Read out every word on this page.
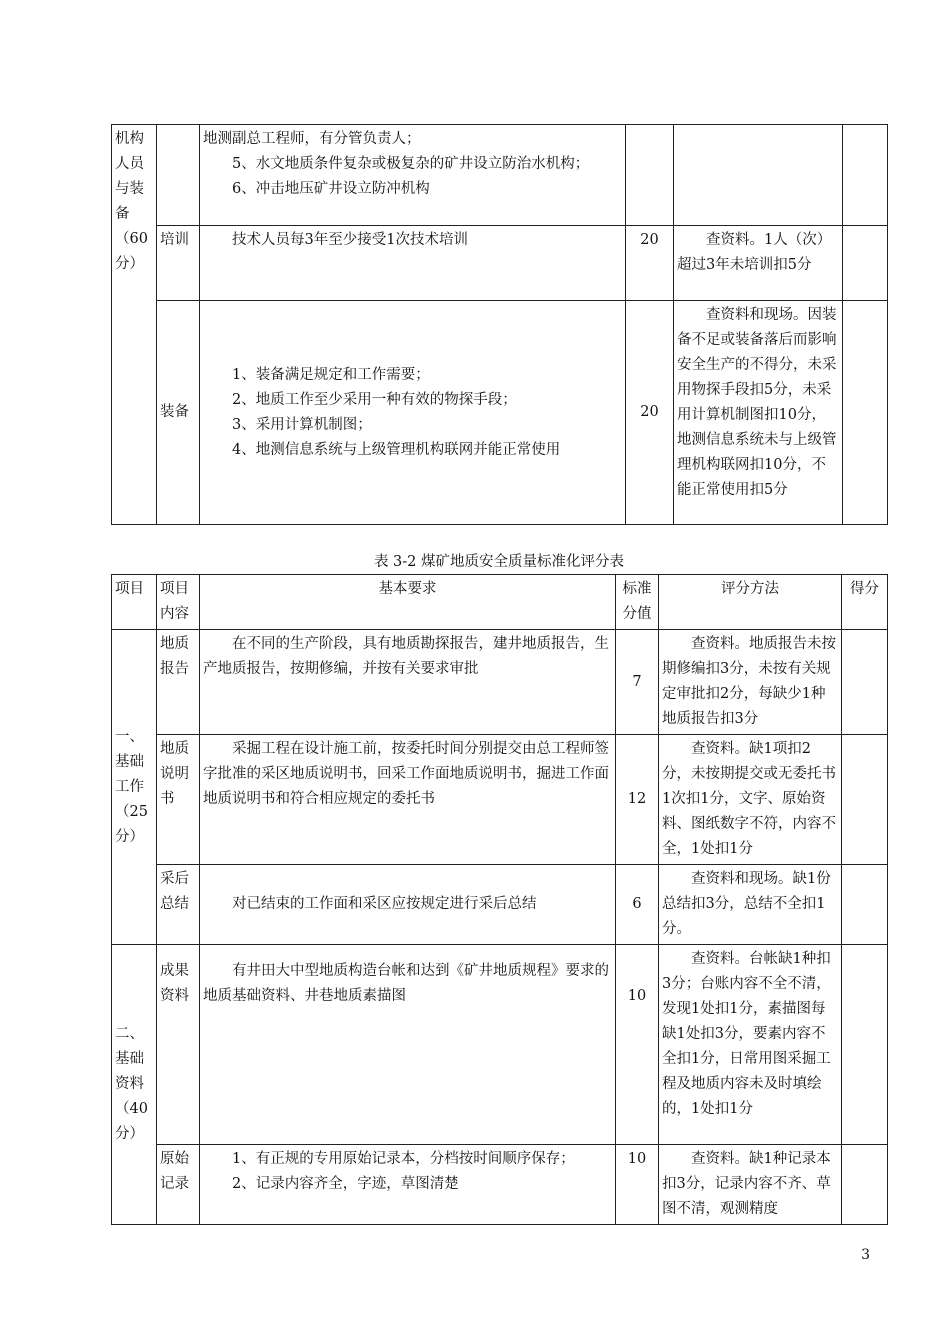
机构人员与装备（60分）		地测副总工程师，有分管负责人；
5、水文地质条件复杂或极复杂的矿井设立防治水机构；
6、冲击地压矿井设立防冲机构			

	培训	技术人员每3年至少接受1次技术培训	20	查资料。1人（次）超过3年未培训扣5分	
	装备	1、装备满足规定和工作需要；
2、地质工作至少采用一种有效的物探手段；
3、采用计算机制图；
4、地测信息系统与上级管理机构联网并能正常使用	20	查资料和现场。因装备不足或装备落后而影响安全生产的不得分，未采用物探手段扣5分，未采用计算机制图扣10分，地测信息系统未与上级管理机构联网扣10分，不能正常使用扣5分	
表 3-2 煤矿地质安全质量标准化评分表
项目	项目内容	基本要求	标准分值	评分方法	得分
一、基础工作（25分）	地质报告	在不同的生产阶段，具有地质勘探报告，建井地质报告，生产地质报告，按期修编，并按有关要求审批	7	查资料。地质报告未按期修编扣3分，未按有关规定审批扣2分，每缺少1种地质报告扣3分	
	地质说明书	采掘工程在设计施工前，按委托时间分别提交由总工程师签字批准的采区地质说明书，回采工作面地质说明书，掘进工作面地质说明书和符合相应规定的委托书	12	查资料。缺1项扣2分，未按期提交或无委托书1次扣1分，文字、原始资料、图纸数字不符，内容不全，1处扣1分	
	采后总结	对已结束的工作面和采区应按规定进行采后总结	6	查资料和现场。缺1份总结扣3分，总结不全扣1分。	
二、基础资料（40分）	成果资料	有井田大中型地质构造台帐和达到《矿井地质规程》要求的地质基础资料、井巷地质素描图	10	查资料。台帐缺1种扣3分；台账内容不全不清，发现1处扣1分，素描图每缺1处扣3分，要素内容不全扣1分，日常用图采掘工程及地质内容未及时填绘的，1处扣1分	
	原始记录	1、有正规的专用原始记录本，分档按时间顺序保存；
2、记录内容齐全，字迹，草图清楚	10	查资料。缺1种记录本扣3分，记录内容不齐、草图不清，观测精度	
3
